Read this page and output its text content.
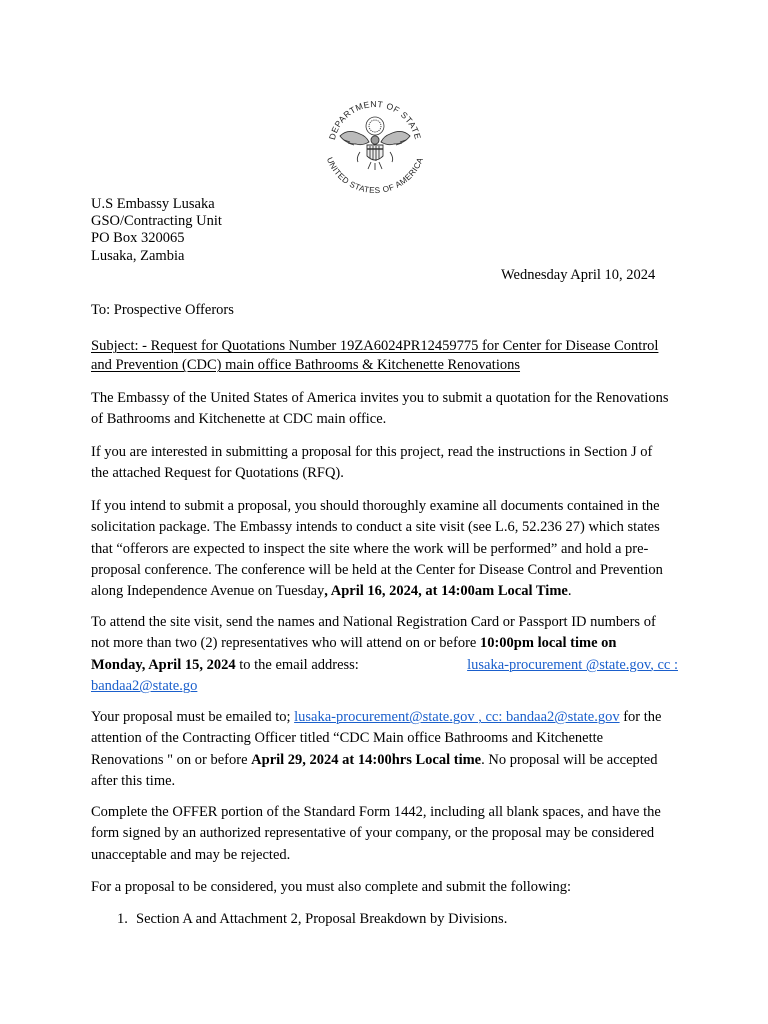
DEPARTMENT OF STATE
UNITED STATES OF AMERICA
U.S Embassy Lusaka
GSO/Contracting Unit
PO Box 320065
Lusaka, Zambia
Wednesday April 10, 2024
To: Prospective Offerors
Subject: - Request for Quotations Number 19ZA6024PR12459775 for Center for Disease Control
and Prevention (CDC) main office Bathrooms & Kitchenette Renovations
The Embassy of the United States of America invites you to submit a quotation for the Renovations
of Bathrooms and Kitchenette at CDC main office.
If you are interested in submitting a proposal for this project, read the instructions in Section J of
the attached Request for Quotations (RFQ).
If you intend to submit a proposal, you should thoroughly examine all documents contained in the
solicitation package. The Embassy intends to conduct a site visit (see L.6, 52.236 27) which states
that “offerors are expected to inspect the site where the work will be performed” and hold a pre-
proposal conference. The conference will be held at the Center for Disease Control and Prevention
along Independence Avenue on Tuesday, April 16, 2024, at 14:00am Local Time.
To attend the site visit, send the names and National Registration Card or Passport ID numbers of
not more than two (2) representatives who will attend on or before 10:00pm local time on
Monday, April 15, 2024 to the email address:	lusaka-procurement @state.gov, cc :
bandaa2@state.go
Your proposal must be emailed to; lusaka-procurement@state.gov , cc: bandaa2@state.gov for the
attention of the Contracting Officer titled “CDC Main office Bathrooms and Kitchenette
Renovations " on or before April 29, 2024 at 14:00hrs Local time. No proposal will be accepted
after this time.
Complete the OFFER portion of the Standard Form 1442, including all blank spaces, and have the
form signed by an authorized representative of your company, or the proposal may be considered
unacceptable and may be rejected.
For a proposal to be considered, you must also complete and submit the following:
1. Section A and Attachment 2, Proposal Breakdown by Divisions.
